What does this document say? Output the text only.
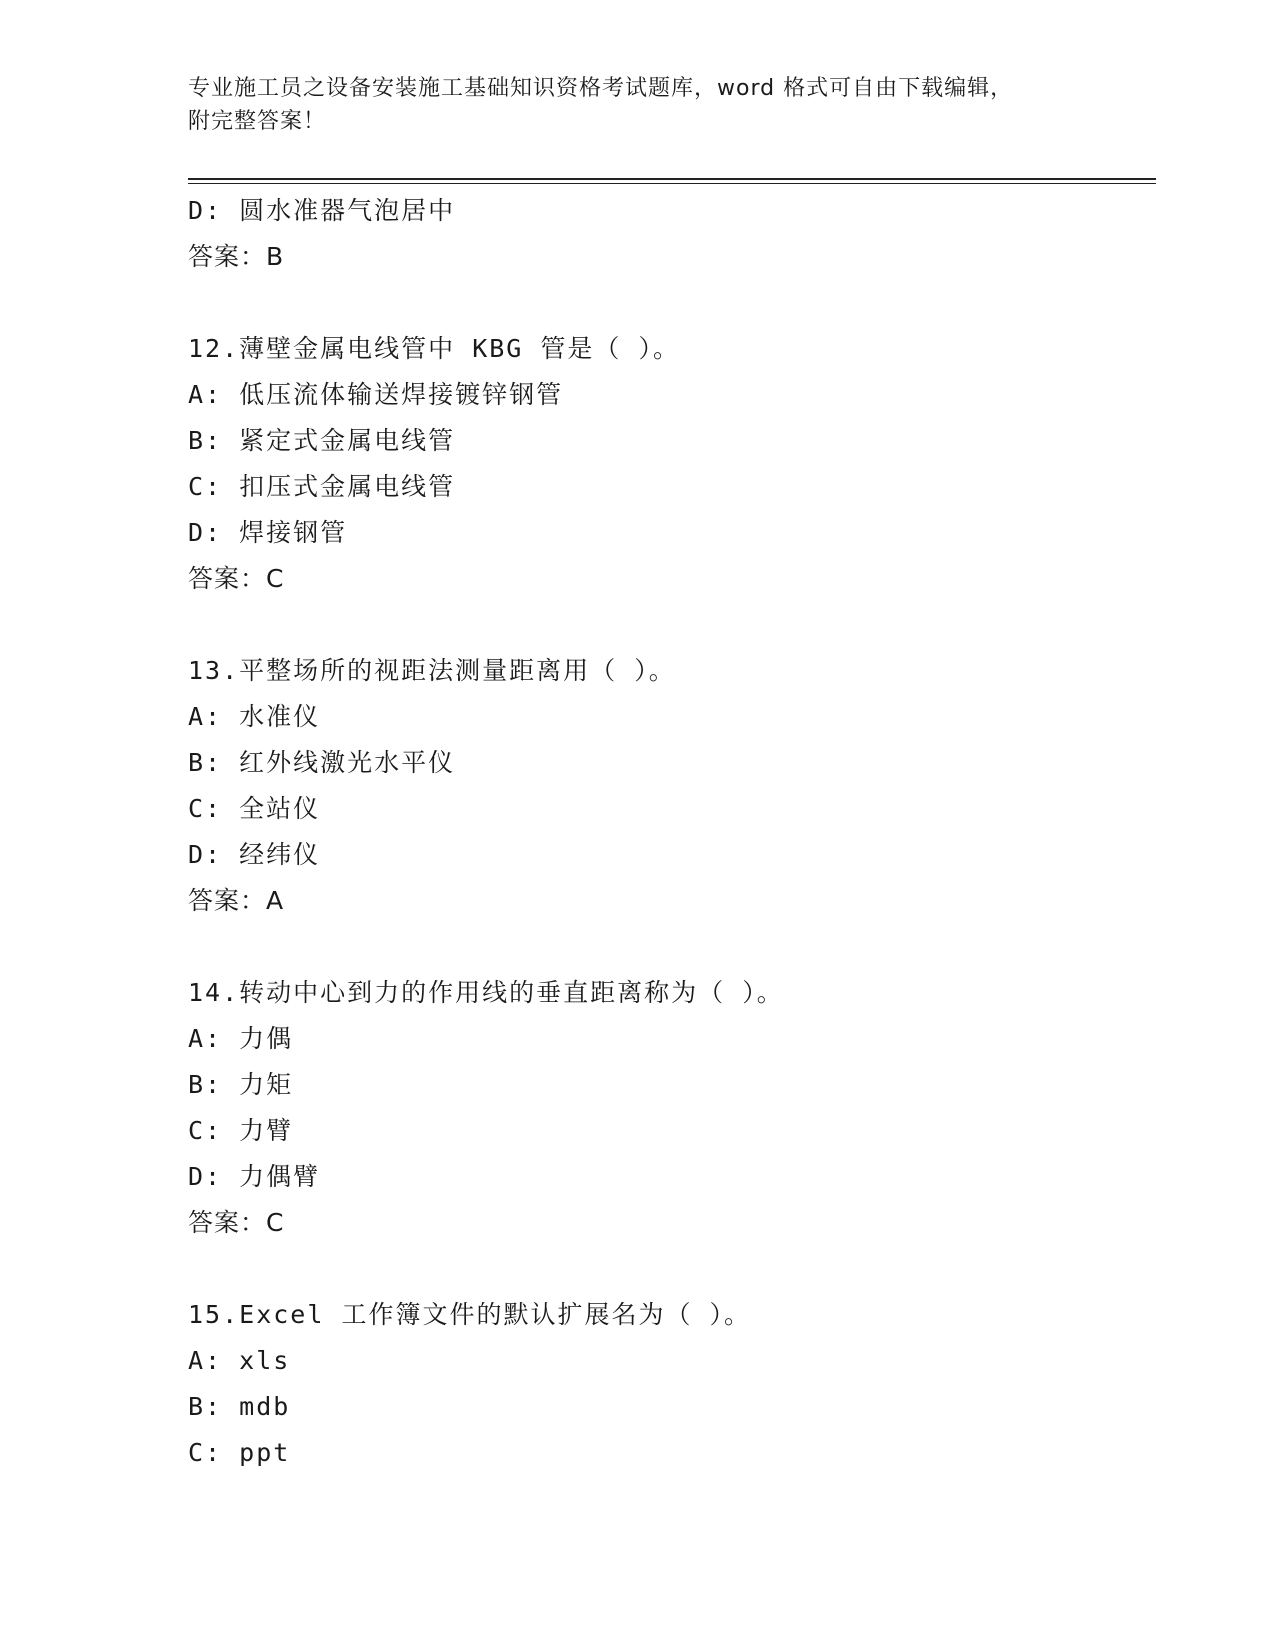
专业施工员之设备安装施工基础知识资格考试题库，word 格式可自由下载编辑，
附完整答案！
D: 圆水准器气泡居中
答案：B
12.薄壁金属电线管中 KBG 管是（ ）。
A: 低压流体输送焊接镀锌钢管
B: 紧定式金属电线管
C: 扣压式金属电线管
D: 焊接钢管
答案：C
13.平整场所的视距法测量距离用（ ）。
A: 水准仪
B: 红外线激光水平仪
C: 全站仪
D: 经纬仪
答案：A
14.转动中心到力的作用线的垂直距离称为（ ）。
A: 力偶
B: 力矩
C: 力臂
D: 力偶臂
答案：C
15.Excel 工作簿文件的默认扩展名为（ ）。
A: xls
B: mdb
C: ppt
